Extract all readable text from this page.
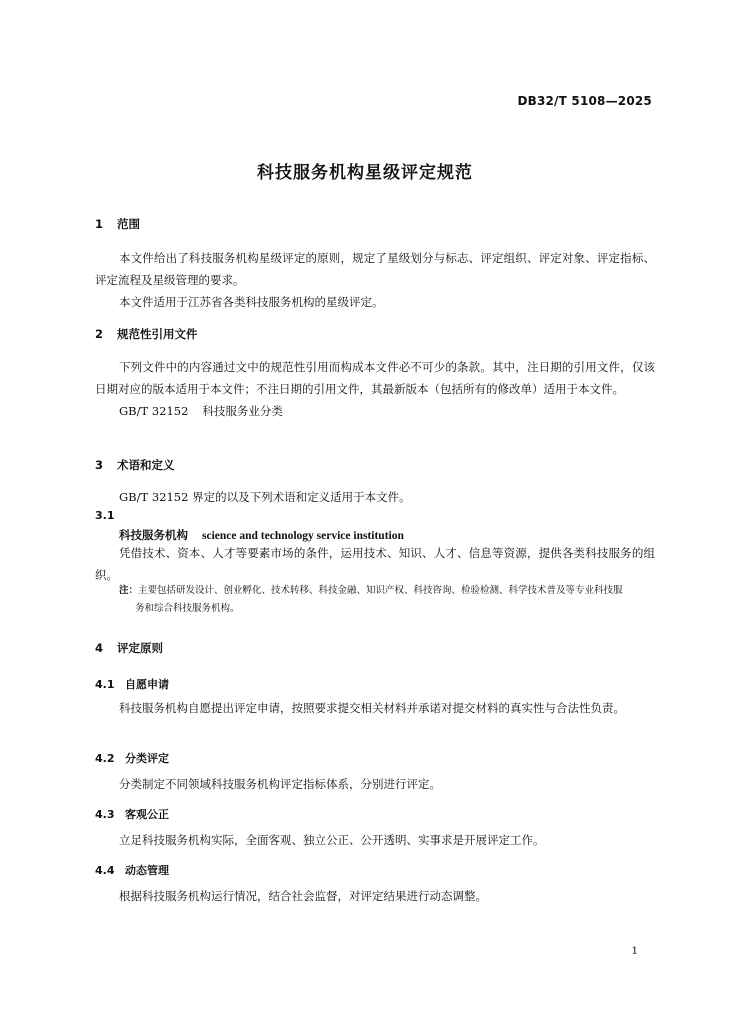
DB32/T 5108—2025
科技服务机构星级评定规范
1 范围

本文件给出了科技服务机构星级评定的原则，规定了星级划分与标志、评定组织、评定对象、评定指标、评定流程及星级管理的要求。

本文件适用于江苏省各类科技服务机构的星级评定。

2 规范性引用文件

下列文件中的内容通过文中的规范性引用而构成本文件必不可少的条款。其中，注日期的引用文件，仅该日期对应的版本适用于本文件；不注日期的引用文件，其最新版本（包括所有的修改单）适用于本文件。

GB/T 32152 科技服务业分类

3 术语和定义

GB/T 32152 界定的以及下列术语和定义适用于本文件。

3.1
科技服务机构 science and technology service institution

凭借技术、资本、人才等要素市场的条件，运用技术、知识、人才、信息等资源，提供各类科技服务的组织。

注：主要包括研发设计、创业孵化、技术转移、科技金融、知识产权、科技咨询、检验检测、科学技术普及等专业科技服
务和综合科技服务机构。
4 评定原则
4.1 自愿申请

科技服务机构自愿提出评定申请，按照要求提交相关材料并承诺对提交材料的真实性与合法性负责。

4.2 分类评定

分类制定不同领域科技服务机构评定指标体系，分别进行评定。

4.3 客观公正

立足科技服务机构实际，全面客观、独立公正、公开透明、实事求是开展评定工作。

4.4 动态管理

根据科技服务机构运行情况，结合社会监督，对评定结果进行动态调整。

1
